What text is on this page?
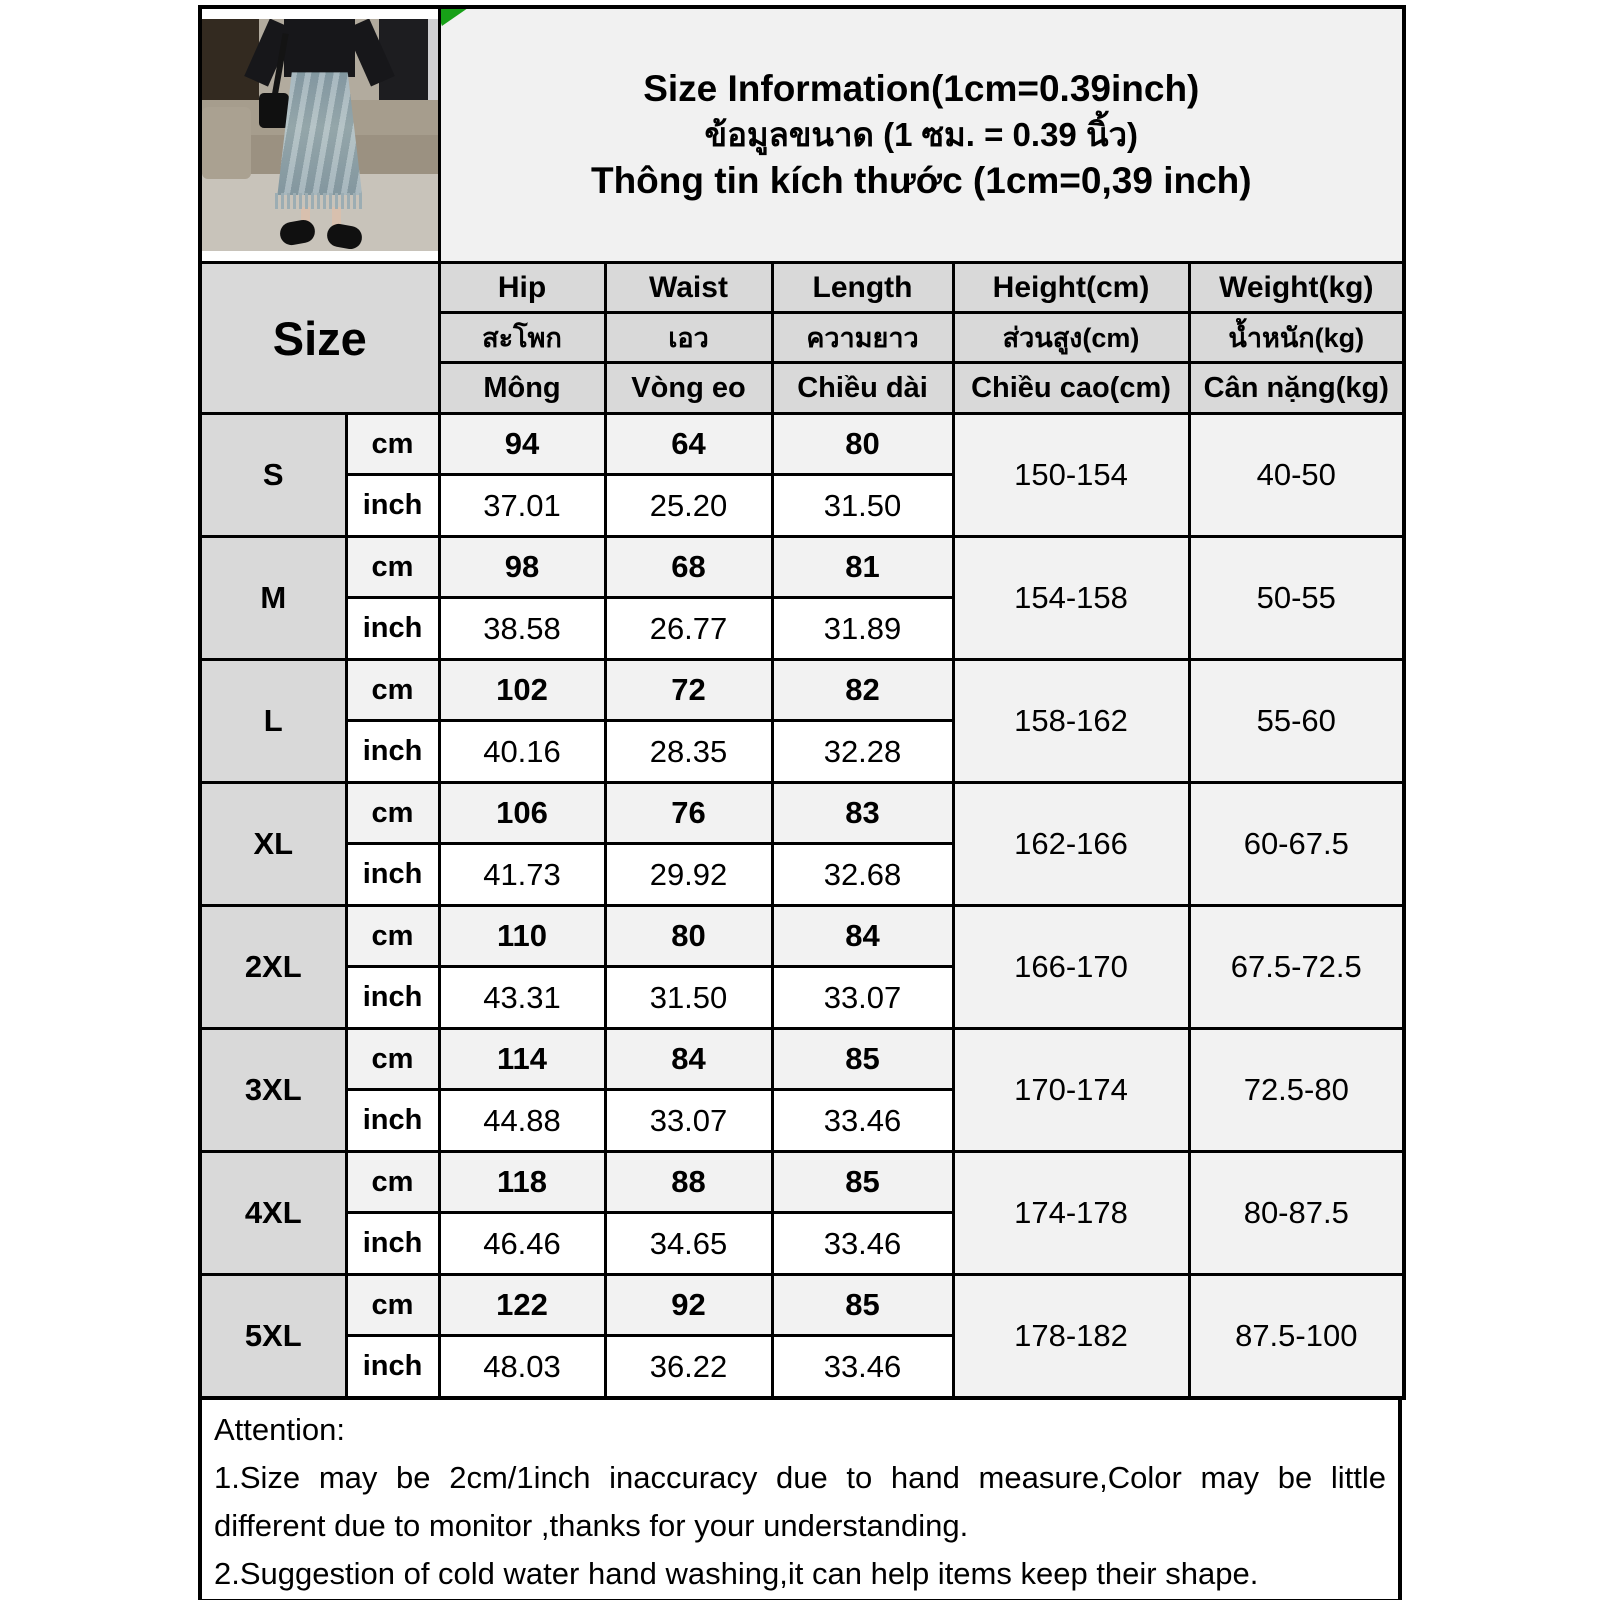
		Size Information(1cm=0.39inch)
ข้อมูลขนาด (1 ซม. = 0.39 นิ้ว)
Thông tin kích thước (1cm=0,39 inch)				

Size		Hip	Waist	Length	Height(cm)	Weight(kg)
		สะโพก	เอว	ความยาว	ส่วนสูง(cm)	น้ำหนัก(kg)
		Mông	Vòng eo	Chiều dài	Chiều cao(cm)	Cân nặng(kg)
S	cm	94	64	80	150-154	40-50
	inch	37.01	25.20	31.50		
M	cm	98	68	81	154-158	50-55
	inch	38.58	26.77	31.89		
L	cm	102	72	82	158-162	55-60
	inch	40.16	28.35	32.28		
XL	cm	106	76	83	162-166	60-67.5
	inch	41.73	29.92	32.68		
2XL	cm	110	80	84	166-170	67.5-72.5
	inch	43.31	31.50	33.07		
3XL	cm	114	84	85	170-174	72.5-80
	inch	44.88	33.07	33.46		
4XL	cm	118	88	85	174-178	80-87.5
	inch	46.46	34.65	33.46		
5XL	cm	122	92	85	178-182	87.5-100
	inch	48.03	36.22	33.46		
Attention:
1.Size may be 2cm/1inch inaccuracy due to hand measure,Color may be little different due to monitor ,thanks for your understanding.
2.Suggestion of cold water hand washing,it can help items keep their shape.
